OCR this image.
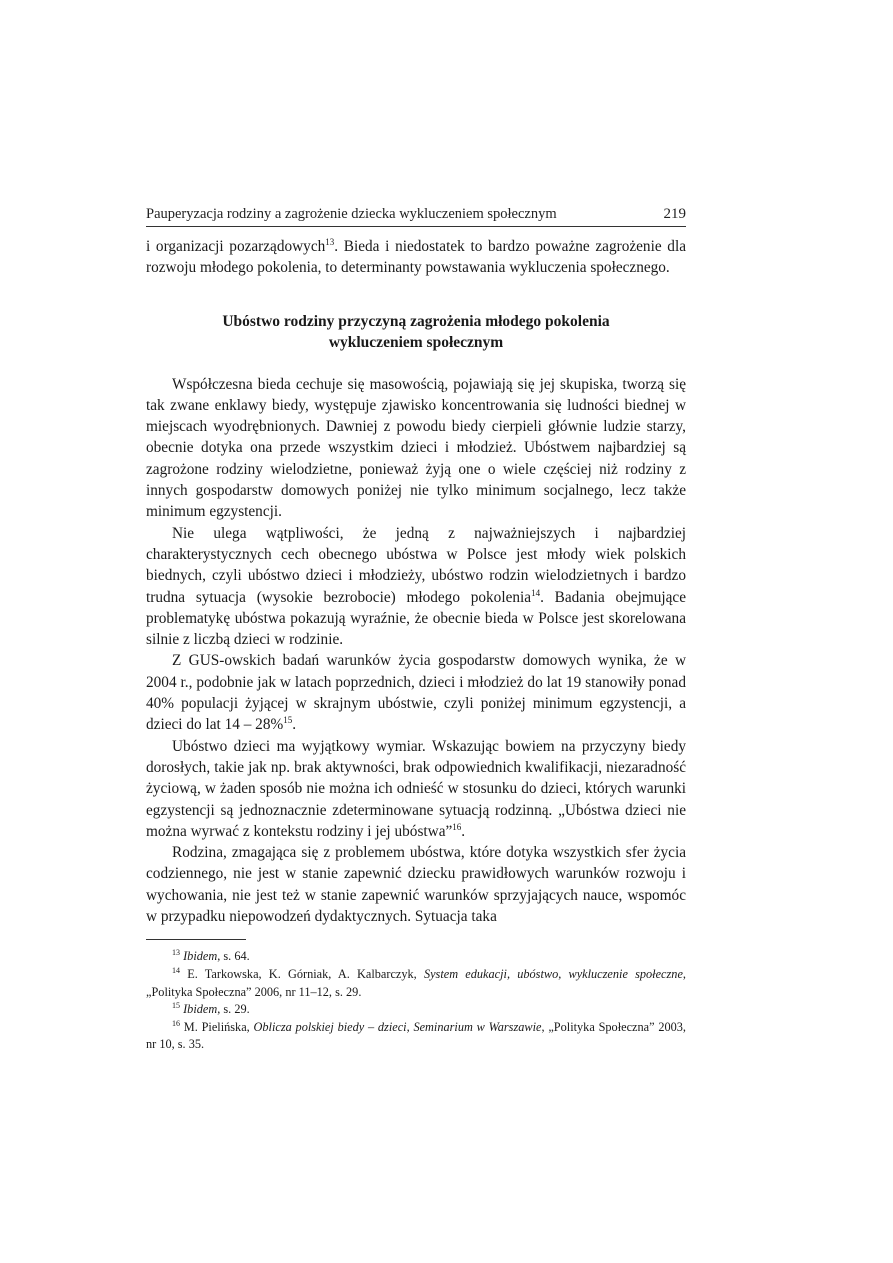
Pauperyzacja rodziny a zagrożenie dziecka wykluczeniem społecznym	219

i organizacji pozarządowych$^{13}$. Bieda i niedostatek to bardzo poważne zagrożenie dla rozwoju młodego pokolenia, to determinanty powstawania wykluczenia społecznego.

Ubóstwo rodziny przyczyną zagrożenia młodego pokolenia
wykluczeniem społecznym

Współczesna bieda cechuje się masowością, pojawiają się jej skupiska, tworzą się tak zwane enklawy biedy, występuje zjawisko koncentrowania się ludności biednej w miejscach wyodrębnionych. Dawniej z powodu biedy cierpieli głównie ludzie starzy, obecnie dotyka ona przede wszystkim dzieci i młodzież. Ubóstwem najbardziej są zagrożone rodziny wielodzietne, ponieważ żyją one o wiele częściej niż rodziny z innych gospodarstw domowych poniżej nie tylko minimum socjalnego, lecz także minimum egzystencji.

Nie ulega wątpliwości, że jedną z najważniejszych i najbardziej charakterystycznych cech obecnego ubóstwa w Polsce jest młody wiek polskich biednych, czyli ubóstwo dzieci i młodzieży, ubóstwo rodzin wielodzietnych i bardzo trudna sytuacja (wysokie bezrobocie) młodego pokolenia$^{14}$. Badania obejmujące problematykę ubóstwa pokazują wyraźnie, że obecnie bieda w Polsce jest skorelowana silnie z liczbą dzieci w rodzinie.

Z GUS-owskich badań warunków życia gospodarstw domowych wynika, że w 2004 r., podobnie jak w latach poprzednich, dzieci i młodzież do lat 19 stanowiły ponad 40% populacji żyjącej w skrajnym ubóstwie, czyli poniżej minimum egzystencji, a dzieci do lat 14 – 28%$^{15}$.

Ubóstwo dzieci ma wyjątkowy wymiar. Wskazując bowiem na przyczyny biedy dorosłych, takie jak np. brak aktywności, brak odpowiednich kwalifikacji, niezaradność życiową, w żaden sposób nie można ich odnieść w stosunku do dzieci, których warunki egzystencji są jednoznacznie zdeterminowane sytuacją rodzinną. „Ubóstwa dzieci nie można wyrwać z kontekstu rodziny i jej ubóstwa”$^{16}$.

Rodzina, zmagająca się z problemem ubóstwa, które dotyka wszystkich sfer życia codziennego, nie jest w stanie zapewnić dziecku prawidłowych warunków rozwoju i wychowania, nie jest też w stanie zapewnić warunków sprzyjających nauce, wspomóc w przypadku niepowodzeń dydaktycznych. Sytuacja taka

$^{13}$ Ibidem, s. 64.

$^{14}$ E. Tarkowska, K. Górniak, A. Kalbarczyk, System edukacji, ubóstwo, wykluczenie społeczne, „Polityka Społeczna” 2006, nr 11–12, s. 29.

$^{15}$ Ibidem, s. 29.

$^{16}$ M. Pielińska, Oblicza polskiej biedy – dzieci, Seminarium w Warszawie, „Polityka Społeczna” 2003, nr 10, s. 35.
